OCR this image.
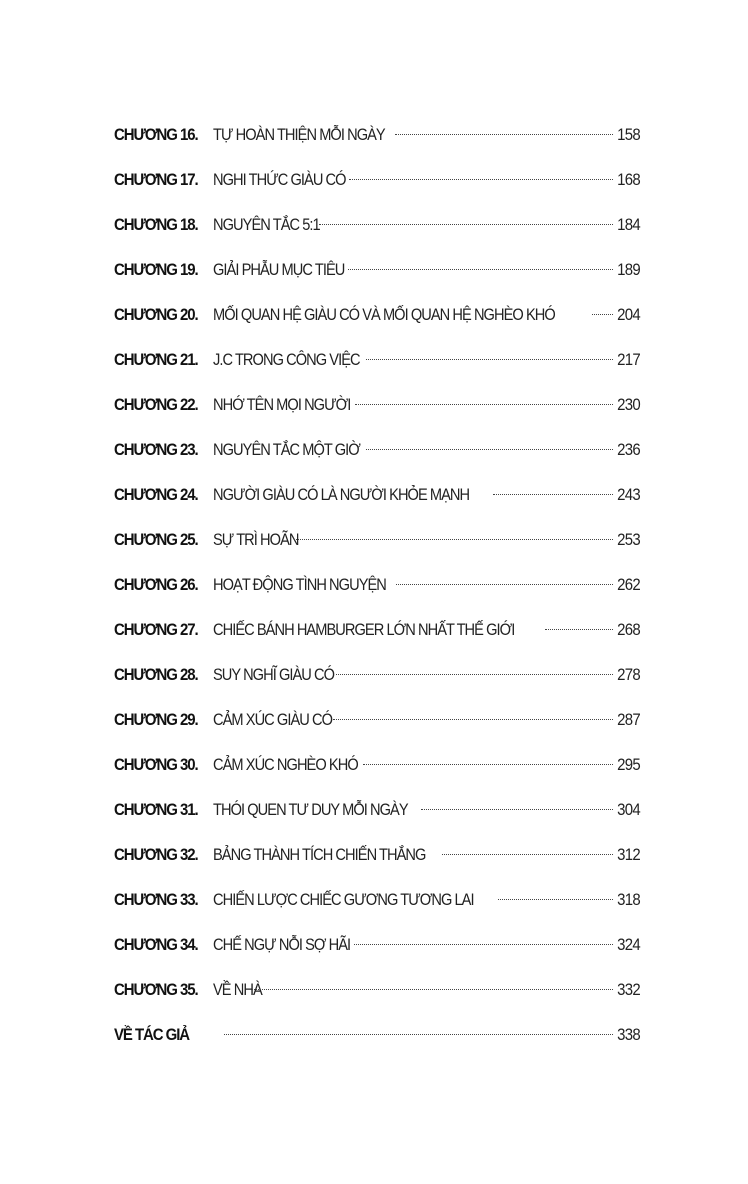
CHƯƠNG 16. TỰ HOÀN THIỆN MỖI NGÀY	158
CHƯƠNG 17. NGHI THỨC GIÀU CÓ	168
CHƯƠNG 18. NGUYÊN TẮC 5:1	184
CHƯƠNG 19. GIẢI PHẪU MỤC TIÊU	189
CHƯƠNG 20. MỐI QUAN HỆ GIÀU CÓ VÀ MỐI QUAN HỆ NGHÈO KHÓ	204
CHƯƠNG 21. J.C TRONG CÔNG VIỆC	217
CHƯƠNG 22. NHỚ TÊN MỌI NGƯỜI	230
CHƯƠNG 23. NGUYÊN TẮC MỘT GIỜ	236
CHƯƠNG 24. NGƯỜI GIÀU CÓ LÀ NGƯỜI KHỎE MẠNH	243
CHƯƠNG 25. SỰ TRÌ HOÃN	253
CHƯƠNG 26. HOẠT ĐỘNG TÌNH NGUYỆN	262
CHƯƠNG 27. CHIẾC BÁNH HAMBURGER LỚN NHẤT THẾ GIỚI	268
CHƯƠNG 28. SUY NGHĨ GIÀU CÓ	278
CHƯƠNG 29. CẢM XÚC GIÀU CÓ	287
CHƯƠNG 30. CẢM XÚC NGHÈO KHÓ	295
CHƯƠNG 31. THÓI QUEN TƯ DUY MỖI NGÀY	304
CHƯƠNG 32. BẢNG THÀNH TÍCH CHIẾN THẮNG	312
CHƯƠNG 33. CHIẾN LƯỢC CHIẾC GƯƠNG TƯƠNG LAI	318
CHƯƠNG 34. CHẾ NGỰ NỖI SỢ HÃI	324
CHƯƠNG 35. VỀ NHÀ	332
VỀ TÁC GIẢ	338
